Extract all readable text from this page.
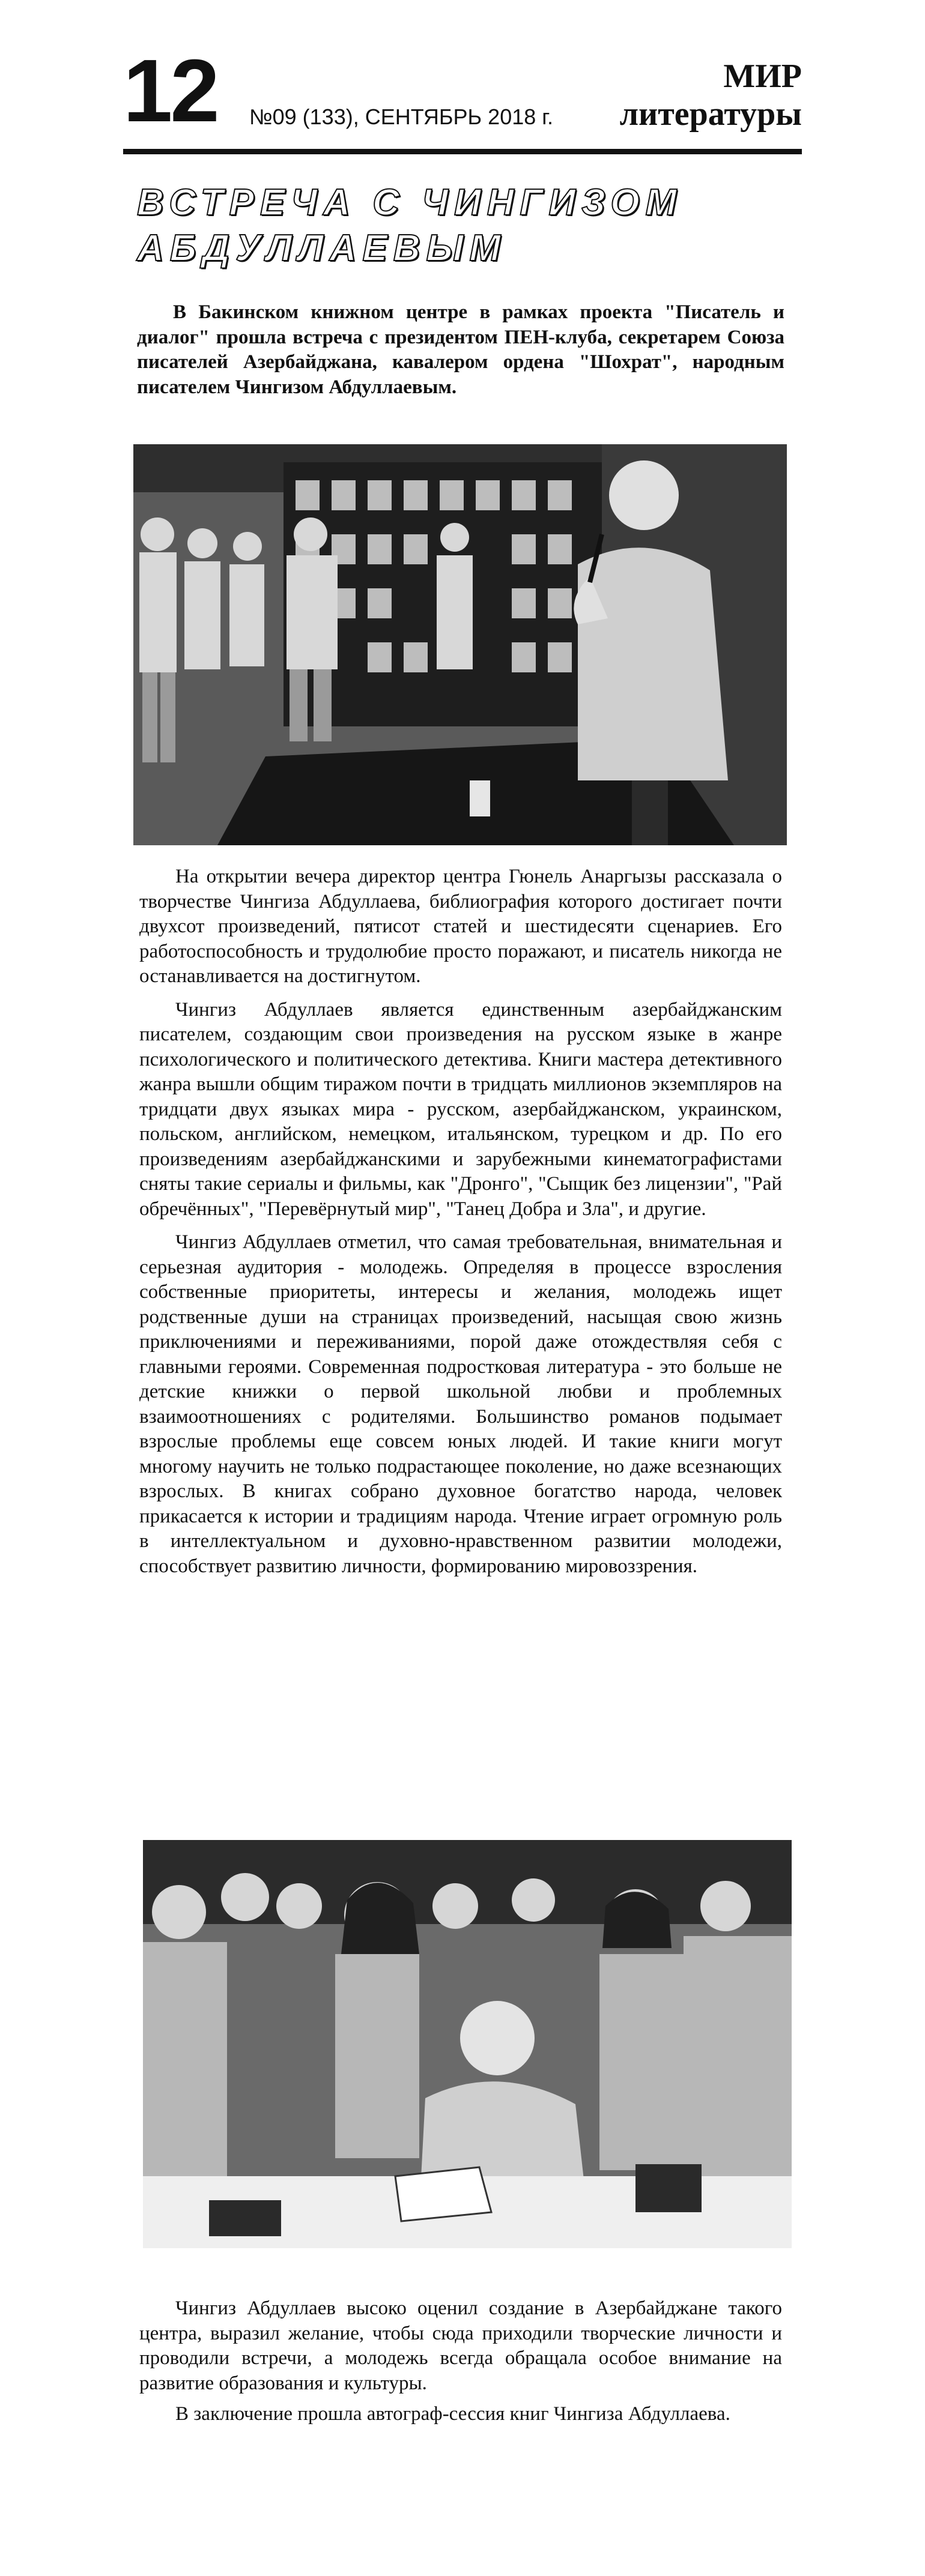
12 №09 (133), СЕНТЯБРЬ 2018 г.
МИР
литературы
ВСТРЕЧА С ЧИНГИЗОМ АБДУЛЛАЕВЫМ

В Бакинском книжном центре в рамках проекта "Писатель и диалог" прошла встреча с президентом ПЕН-клуба, секретарем Союза писателей Азербайджана, кавалером ордена "Шохрат", народным писателем Чингизом Абдуллаевым.

На открытии вечера директор центра Гюнель Анаргызы рассказала о творчестве Чингиза Абдуллаева, библиография которого достигает почти двухсот произведений, пятисот статей и шестидесяти сценариев. Его работоспособность и трудолюбие просто поражают, и писатель никогда не останавливается на достигнутом.

Чингиз Абдуллаев является единственным азербайджанским писателем, создающим свои произведения на русском языке в жанре психологического и политического детектива. Книги мастера детективного жанра вышли общим тиражом почти в тридцать миллионов экземпляров на тридцати двух языках мира - русском, азербайджанском, украинском, польском, английском, немецком, итальянском, турецком и др. По его произведениям азербайджанскими и зарубежными кинематографистами сняты такие сериалы и фильмы, как "Дронго", "Сыщик без лицензии", "Рай обречённых", "Перевёрнутый мир", "Танец Добра и Зла", и другие.

Чингиз Абдуллаев отметил, что самая требовательная, внимательная и серьезная аудитория - молодежь. Определяя в процессе взросления собственные приоритеты, интересы и желания, молодежь ищет родственные души на страницах произведений, насыщая свою жизнь приключениями и переживаниями, порой даже отождествляя себя с главными героями. Современная подростковая литература - это больше не детские книжки о первой школьной любви и проблемных взаимоотношениях с родителями. Большинство романов подымает взрослые проблемы еще совсем юных людей. И такие книги могут многому научить не только подрастающее поколение, но даже всезнающих взрослых. В книгах собрано духовное богатство народа, человек прикасается к истории и традициям народа. Чтение играет огромную роль в интеллектуальном и духовно-нравственном развитии молодежи, способствует развитию личности, формированию мировоззрения.

Чингиз Абдуллаев высоко оценил создание в Азербайджане такого центра, выразил желание, чтобы сюда приходили творческие личности и проводили встречи, а молодежь всегда обращала особое внимание на развитие образования и культуры.

В заключение прошла автограф-сессия книг Чингиза Абдуллаева.
